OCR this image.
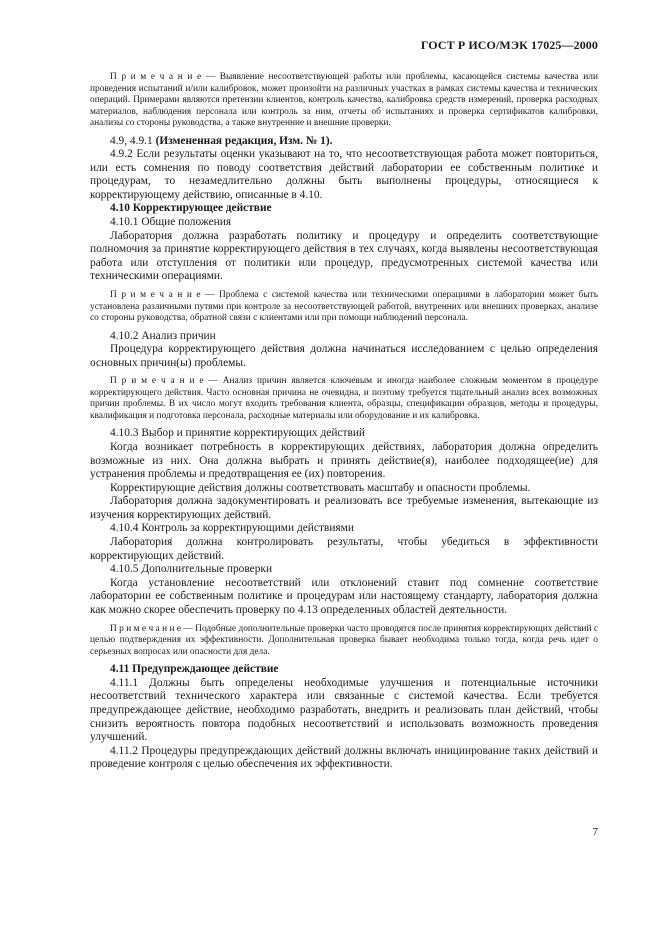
ГОСТ Р ИСО/МЭК 17025—2000

П р и м е ч а н и е — Выявление несоответствующей работы или проблемы, касающейся системы качества или проведения испытаний и/или калибровок, может произойти на различных участках в рамках системы качества и технических операций. Примерами являются претензии клиентов, контроль качества, калибровка средств измерений, проверка расходных материалов, наблюдения персонала или контроль за ним, отчеты об испытаниях и проверка сертификатов калибровки, анализы со стороны руководства, а также внутренние и внешние проверки.

4.9, 4.9.1 (Измененная редакция, Изм. № 1).

4.9.2 Если результаты оценки указывают на то, что несоответствующая работа может повториться, или есть сомнения по поводу соответствия действий лаборатории ее собственным политике и процедурам, то незамедлительно должны быть выполнены процедуры, относящиеся к корректирующему действию, описанные в 4.10.

4.10 Корректирующее действие

4.10.1 Общие положения

Лаборатория должна разработать политику и процедуру и определить соответствующие полномочия за принятие корректирующего действия в тех случаях, когда выявлены несоответствующая работа или отступления от политики или процедур, предусмотренных системой качества или техническими операциями.

П р и м е ч а н и е — Проблема с системой качества или техническими операциями в лаборатории может быть установлена различными путями при контроле за несоответствующей работой, внутренних или внешних проверках, анализе со стороны руководства, обратной связи с клиентами или при помощи наблюдений персонала.

4.10.2 Анализ причин

Процедура корректирующего действия должна начинаться исследованием с целью определения основных причин(ы) проблемы.

П р и м е ч а н и е — Анализ причин является ключевым и иногда наиболее сложным моментом в процедуре корректирующего действия. Часто основная причина не очевидна, и поэтому требуется тщательный анализ всех возможных причин проблемы. В их число могут входить требования клиента, образцы, спецификации образцов, методы и процедуры, квалификация и подготовка персонала, расходные материалы или оборудование и их калибровка.

4.10.3 Выбор и принятие корректирующих действий

Когда возникает потребность в корректирующих действиях, лаборатория должна определить возможные из них. Она должна выбрать и принять действие(я), наиболее подходящее(ие) для устранения проблемы и предотвращения ее (их) повторения.

Корректирующие действия должны соответствовать масштабу и опасности проблемы.

Лаборатория должна задокументировать и реализовать все требуемые изменения, вытекающие из изучения корректирующих действий.

4.10.4 Контроль за корректирующими действиями

Лаборатория должна контролировать результаты, чтобы убедиться в эффективности корректирующих действий.

4.10.5 Дополнительные проверки

Когда установление несоответствий или отклонений ставит под сомнение соответствие лаборатории ее собственным политике и процедурам или настоящему стандарту, лаборатория должна как можно скорее обеспечить проверку по 4.13 определенных областей деятельности.

П р и м е ч а н и е — Подобные дополнительные проверки часто проводятся после принятия корректирующих действий с целью подтверждения их эффективности. Дополнительная проверка бывает необходима только тогда, когда речь идет о серьезных вопросах или опасности для дела.

4.11 Предупреждающее действие

4.11.1 Должны быть определены необходимые улучшения и потенциальные источники несоответствий технического характера или связанные с системой качества. Если требуется предупреждающее действие, необходимо разработать, внедрить и реализовать план действий, чтобы снизить вероятность повтора подобных несоответствий и использовать возможность проведения улучшений.

4.11.2 Процедуры предупреждающих действий должны включать инициирование таких действий и проведение контроля с целью обеспечения их эффективности.

7
